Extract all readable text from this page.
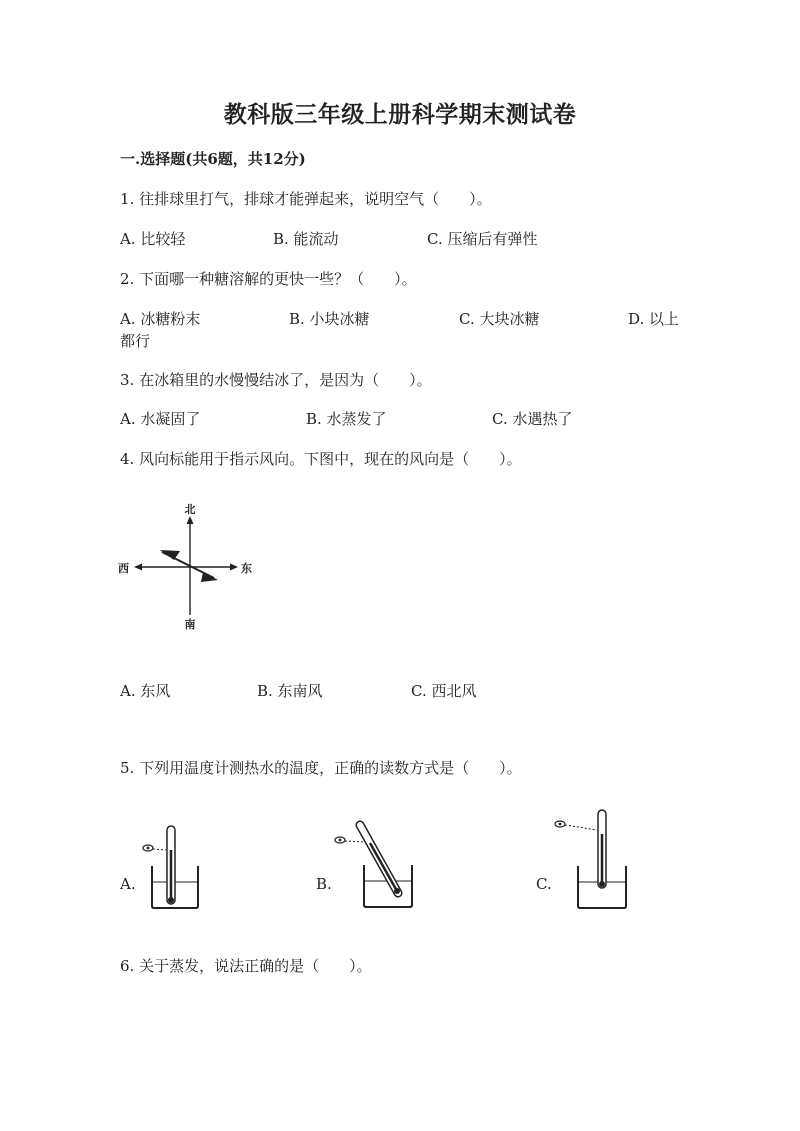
教科版三年级上册科学期末测试卷
一.选择题(共6题，共12分)
1. 往排球里打气，排球才能弹起来，说明空气（　　）。
A. 比较轻	B. 能流动	C. 压缩后有弹性
2. 下面哪一种糖溶解的更快一些？（　　）。
A. 冰糖粉末	B. 小块冰糖	C. 大块冰糖	D. 以上
都行
3. 在冰箱里的水慢慢结冰了，是因为（　　）。
A. 水凝固了	B. 水蒸发了	C. 水遇热了
4. 风向标能用于指示风向。下图中，现在的风向是（　　）。
北
南
东
西
A. 东风	B. 东南风	C. 西北风
5. 下列用温度计测热水的温度，正确的读数方式是（　　）。
A.	B.	C.
6. 关于蒸发，说法正确的是（　　）。
